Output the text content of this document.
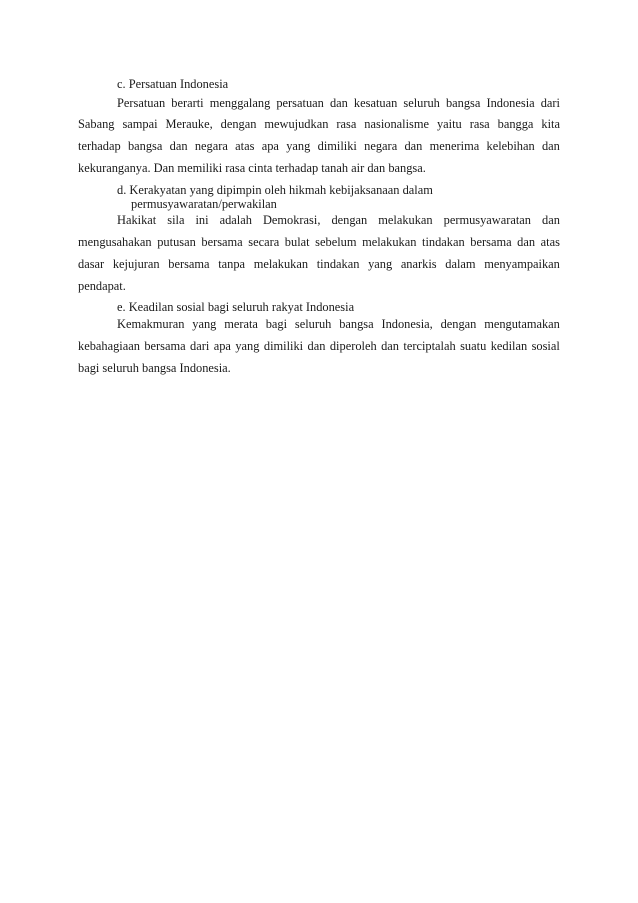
c. Persatuan Indonesia
Persatuan berarti menggalang persatuan dan kesatuan seluruh bangsa Indonesia dari
Sabang sampai Merauke, dengan mewujudkan rasa nasionalisme yaitu rasa bangga kita
terhadap bangsa dan negara atas apa yang dimiliki negara dan menerima kelebihan dan
kekuranganya. Dan memiliki rasa cinta terhadap tanah air dan bangsa.
d. Kerakyatan yang dipimpin oleh hikmah kebijaksanaan dalam
permusyawaratan/perwakilan
Hakikat sila ini adalah Demokrasi, dengan melakukan permusyawaratan dan
mengusahakan putusan bersama secara bulat sebelum melakukan tindakan bersama dan atas
dasar kejujuran bersama tanpa melakukan tindakan yang anarkis dalam menyampaikan
pendapat.
e. Keadilan sosial bagi seluruh rakyat Indonesia
Kemakmuran yang merata bagi seluruh bangsa Indonesia, dengan mengutamakan
kebahagiaan bersama dari apa yang dimiliki dan diperoleh dan terciptalah suatu kedilan sosial
bagi seluruh bangsa Indonesia.
